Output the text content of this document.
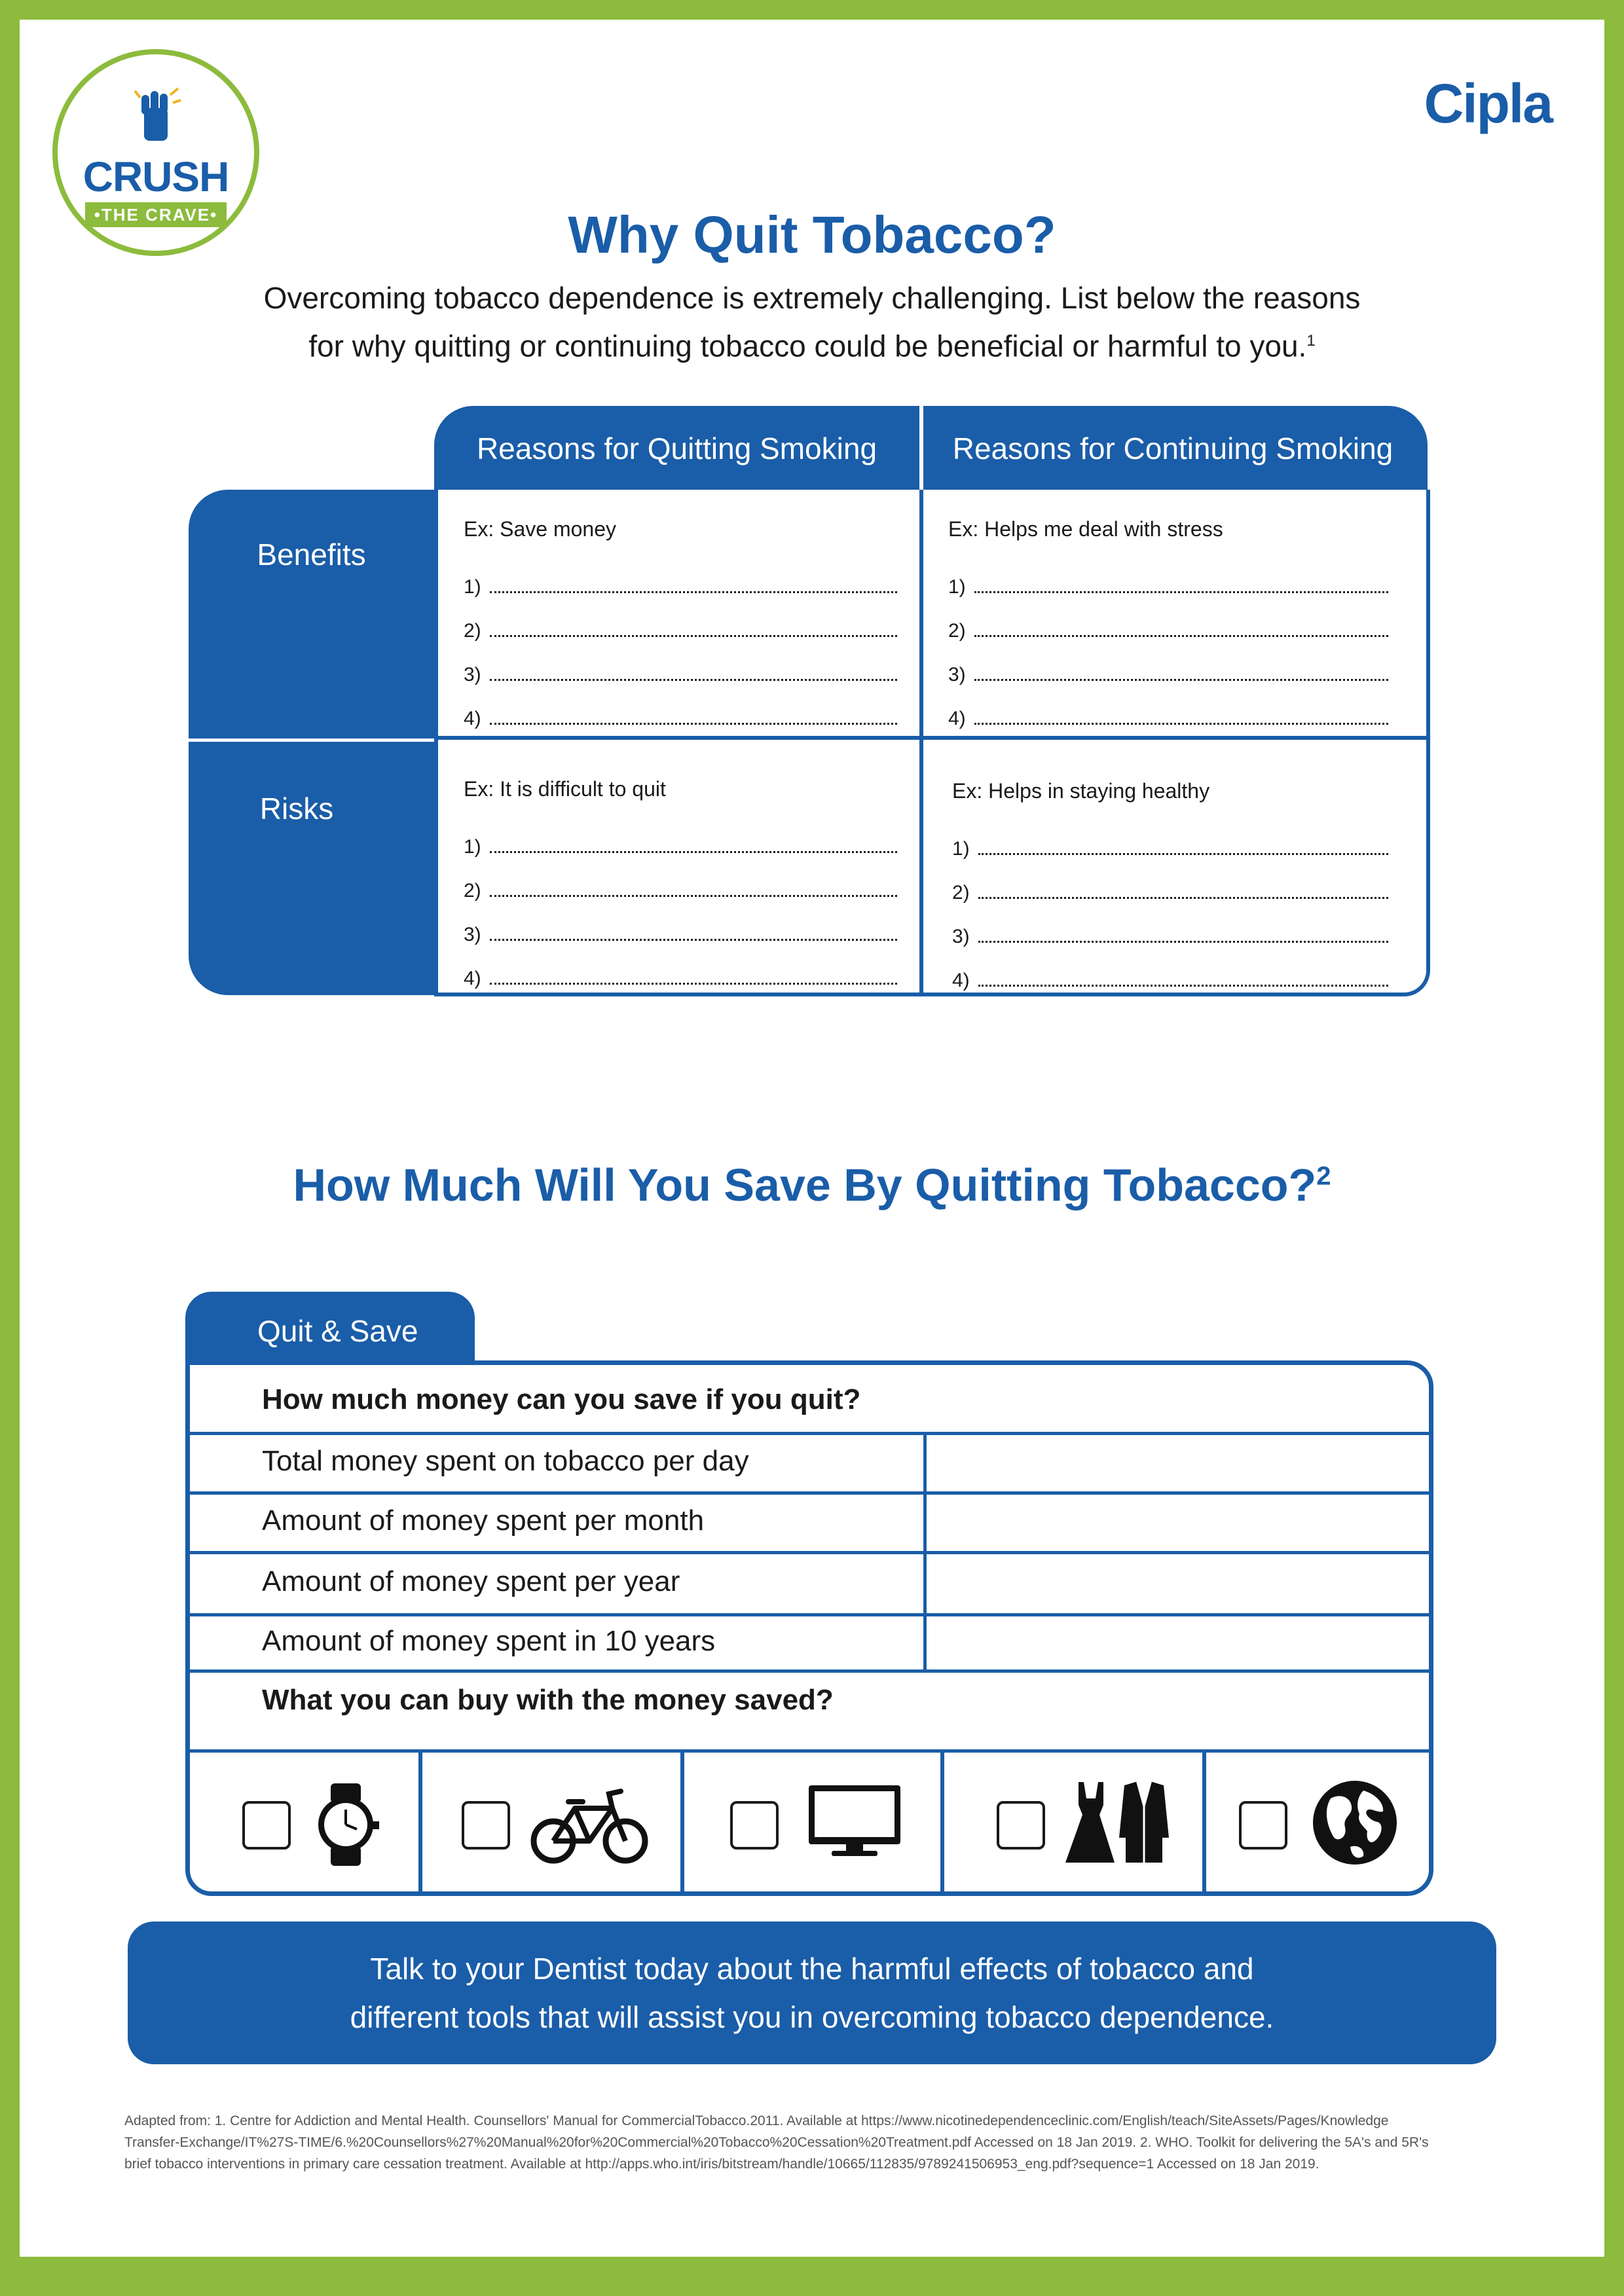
CRUSH
•THE CRAVE•
Cipla
Why Quit Tobacco?
Overcoming tobacco dependence is extremely challenging. List below the reasons
for why quitting or continuing tobacco could be beneficial or harmful to you.$^1$
Reasons for Quitting Smoking	Reasons for Continuing Smoking
Benefits
Risks
Ex: Save money
1)
2)
3)
4)
Ex: Helps me deal with stress
1)
2)
3)
4)
Ex: It is difficult to quit
1)
2)
3)
4)
Ex: Helps in staying healthy
1)
2)
3)
4)
How Much Will You Save By Quitting Tobacco?$^2$
Quit & Save
How much money can you save if you quit?
Total money spent on tobacco per day
Amount of money spent per month
Amount of money spent per year
Amount of money spent in 10 years
What you can buy with the money saved?
Talk to your Dentist today about the harmful effects of tobacco and
different tools that will assist you in overcoming tobacco dependence.
Adapted from: 1. Centre for Addiction and Mental Health. Counsellors' Manual for CommercialTobacco.2011. Available at https://www.nicotinedependenceclinic.com/English/teach/SiteAssets/Pages/Knowledge
Transfer-Exchange/IT%27S-TIME/6.%20Counsellors%27%20Manual%20for%20Commercial%20Tobacco%20Cessation%20Treatment.pdf Accessed on 18 Jan 2019. 2. WHO. Toolkit for delivering the 5A's and 5R's
brief tobacco interventions in primary care cessation treatment. Available at http://apps.who.int/iris/bitstream/handle/10665/112835/9789241506953_eng.pdf?sequence=1 Accessed on 18 Jan 2019.
